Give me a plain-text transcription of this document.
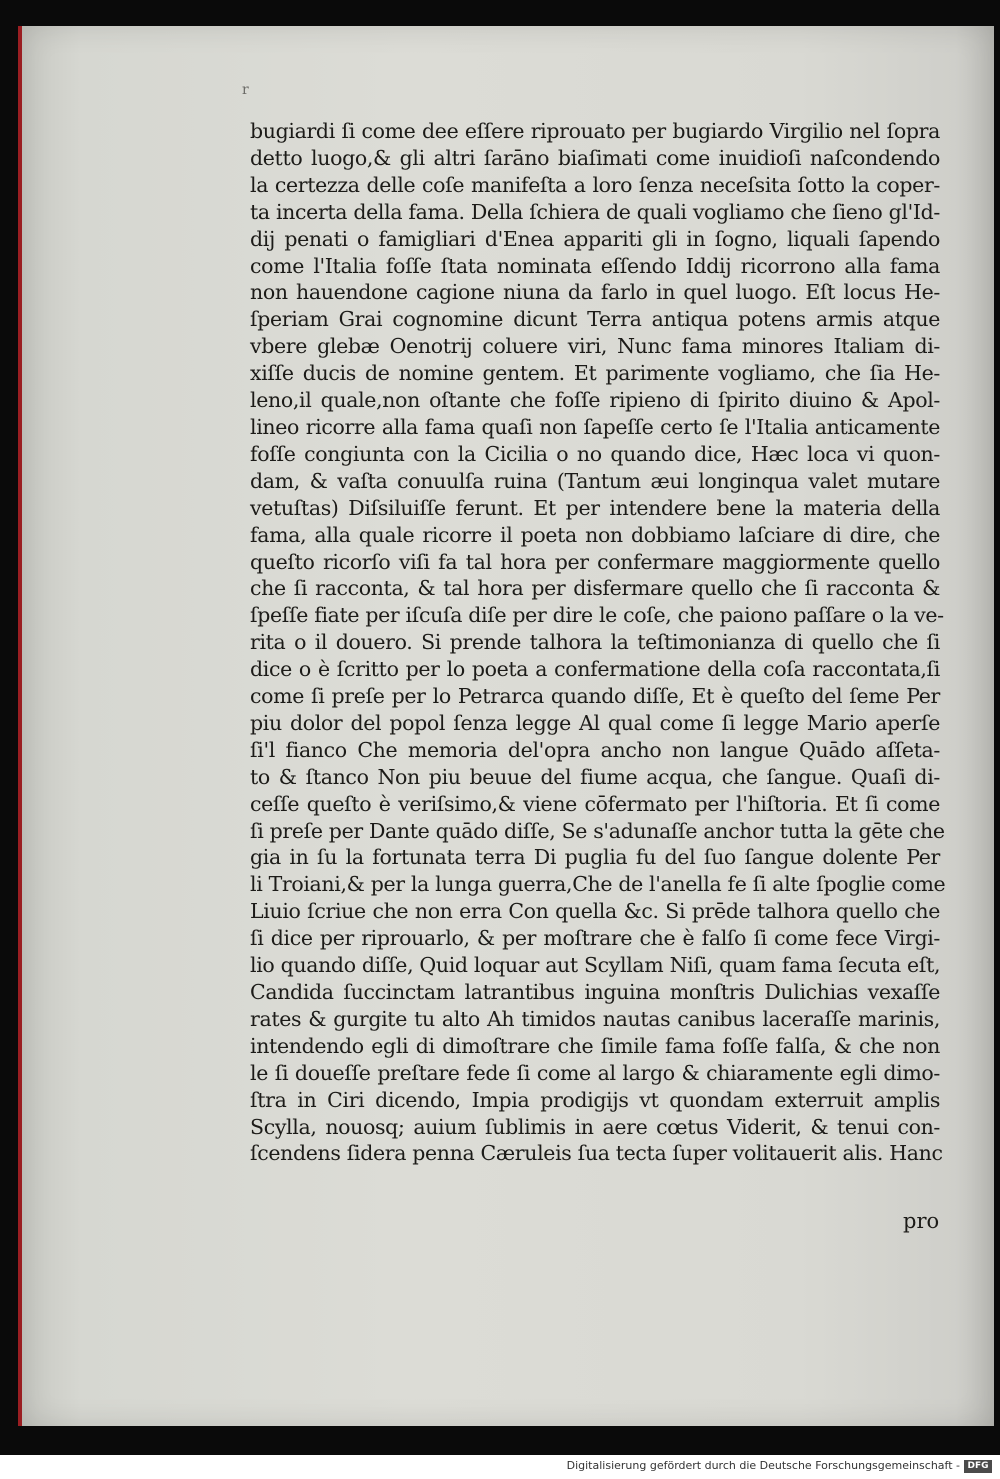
r
bugiardi ſi come dee eſſere riprouato per bugiardo Virgilio nel ſopra
detto luogo,& gli altri ſarāno biaſimati come inuidioſi naſcondendo
la certezza delle coſe manifeſta a loro ſenza neceſsita ſotto la coper-
ta incerta della fama. Della ſchiera de quali vogliamo che ſieno gl'Id-
dij penati o famigliari d'Enea appariti gli in ſogno, liquali ſapendo
come l'Italia foſſe ſtata nominata eſſendo Iddij ricorrono alla fama
non hauendone cagione niuna da farlo in quel luogo. Eſt locus He-
ſperiam Grai cognomine dicunt Terra antiqua potens armis atque
vbere glebæ Oenotrij coluere viri, Nunc fama minores Italiam di-
xiſſe ducis de nomine gentem. Et parimente vogliamo, che ſia He-
leno,il quale,non oſtante che foſſe ripieno di ſpirito diuino & Apol-
lineo ricorre alla fama quaſi non ſapeſſe certo ſe l'Italia anticamente
foſſe congiunta con la Cicilia o no quando dice, Hæc loca vi quon-
dam, & vaſta conuulſa ruina (Tantum æui longinqua valet mutare
vetuſtas) Diſsiluiſſe ferunt. Et per intendere bene la materia della
fama, alla quale ricorre il poeta non dobbiamo laſciare di dire, che
queſto ricorſo viſi fa tal hora per confermare maggiormente quello
che ſi racconta, & tal hora per disfermare quello che ſi racconta &
ſpeſſe fiate per iſcuſa diſe per dire le coſe, che paiono paſſare o la ve-
rita o il douero. Si prende talhora la teſtimonianza di quello che ſi
dice o è ſcritto per lo poeta a confermatione della coſa raccontata,ſi
come ſi preſe per lo Petrarca quando diſſe, Et è queſto del ſeme Per
piu dolor del popol ſenza legge Al qual come ſi legge Mario aperſe
ſi'l fianco Che memoria del'opra ancho non langue Quādo aſſeta-
to & ſtanco Non piu beuue del fiume acqua, che ſangue. Quaſi di-
ceſſe queſto è veriſsimo,& viene cōfermato per l'hiſtoria. Et ſi come
ſi preſe per Dante quādo diſſe, Se s'adunaſſe anchor tutta la gēte che
gia in ſu la fortunata terra Di puglia fu del ſuo ſangue dolente Per
li Troiani,& per la lunga guerra,Che de l'anella fe ſi alte ſpoglie come
Liuio ſcriue che non erra Con quella &c. Si prēde talhora quello che
ſi dice per riprouarlo, & per moſtrare che è falſo ſi come fece Virgi-
lio quando diſſe, Quid loquar aut Scyllam Niſi, quam fama ſecuta eſt,
Candida ſuccinctam latrantibus inguina monſtris Dulichias vexaſſe
rates & gurgite tu alto Ah timidos nautas canibus laceraſſe marinis,
intendendo egli di dimoſtrare che ſimile fama foſſe falſa, & che non
le ſi doueſſe preſtare fede ſi come al largo & chiaramente egli dimo-
ſtra in Ciri dicendo, Impia prodigijs vt quondam exterruit amplis
Scylla, nouosq; auium ſublimis in aere cœtus Viderit, & tenui con-
ſcendens ſidera penna Cæruleis ſua tecta ſuper volitauerit alis. Hanc
pro
Digitalisierung gefördert durch die Deutsche Forschungsgemeinschaft - DFG
